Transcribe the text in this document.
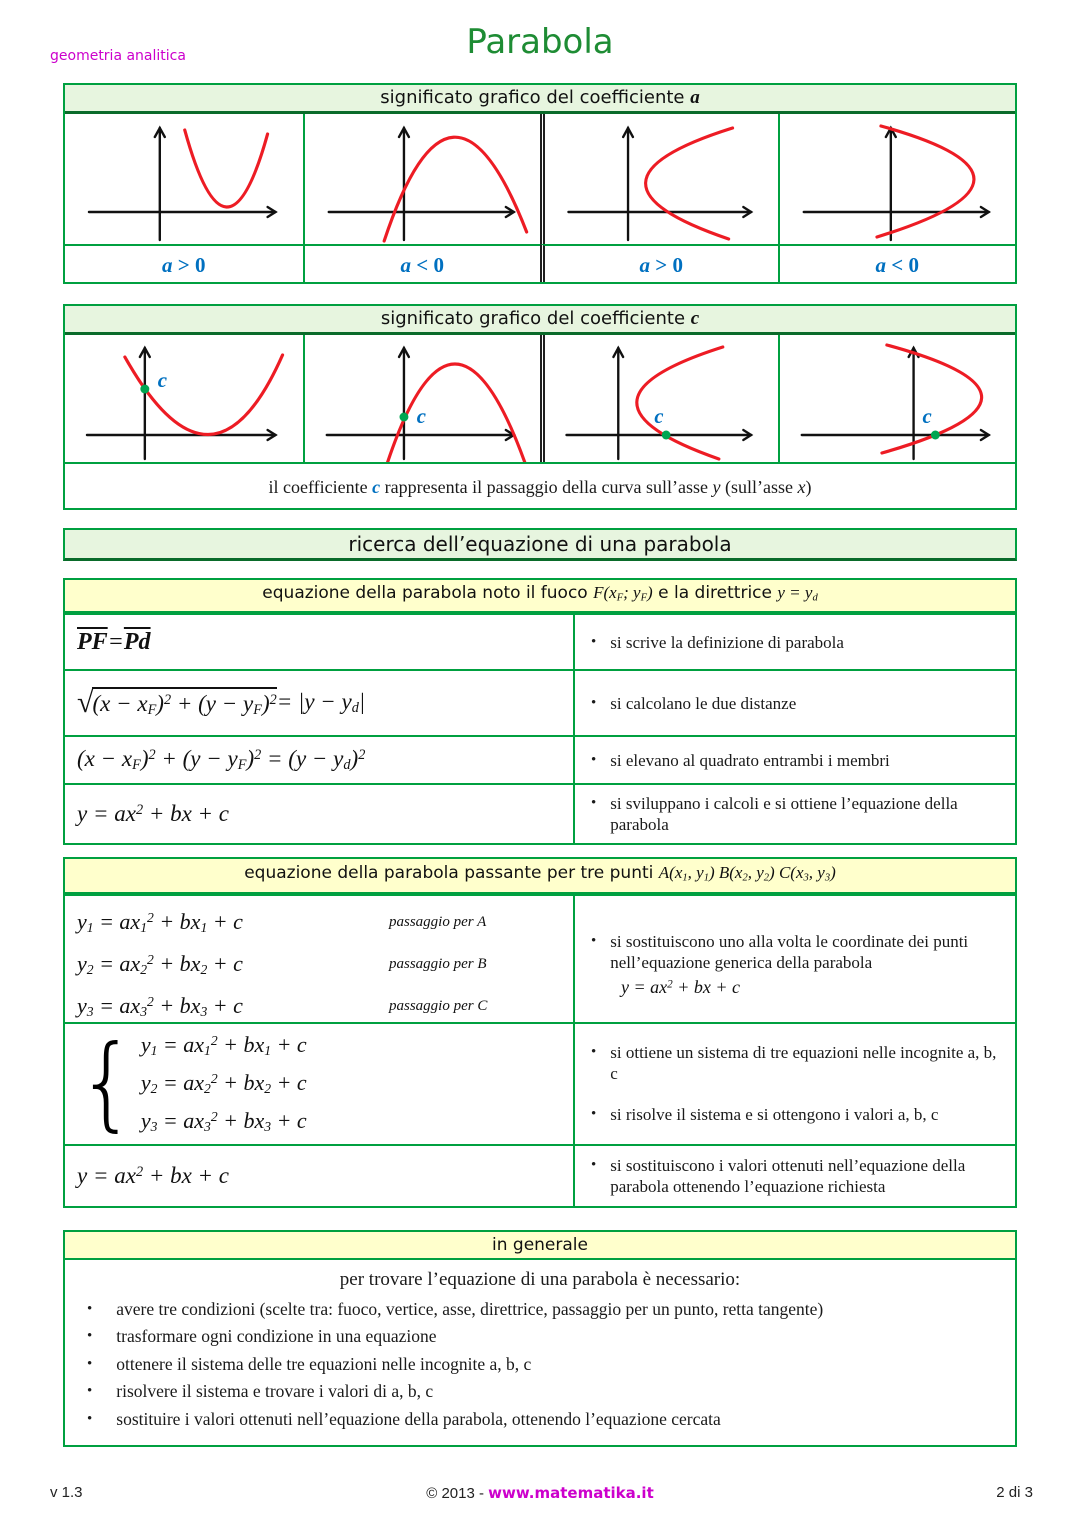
geometria analitica	Parabola
significato grafico del coefficiente a
a > 0	a < 0	a > 0	a < 0
significato grafico del coefficiente c
c
c	c	c
il coefficiente c rappresenta il passaggio della curva sull’asse y (sull’asse x)
ricerca dell’equazione di una parabola
equazione della parabola noto il fuoco $F(x_F$; $y_F$) e la direttrice $y = y_d$
$\overline{PF} = \overline{Pd}$	• si scrive la definizione di parabola
√ $(x - x_F)^2 + (y - y_F)^2 = |y - y_d|$	• si calcolano le due distanze
$(x - x_F)^2 + (y - y_F)^2 = (y - y_d)^2$	• si elevano al quadrato entrambi i membri
$y = ax^2$ + bx + c	• si sviluppano i calcoli e si ottiene l’equazione della parabola
equazione della parabola passante per tre punti $A(x_1$, $y_1$) $B(x_2$, $y_2$) $C(x_3$, $y_3$)
$y_1 = ax_1^2 + bx_1 + c$	passaggio per A
$y_2 = ax_2^2 + bx_2 + c$	passaggio per B
$y_3 = ax_3^2 + bx_3 + c$	passaggio per C
• si sostituiscono uno alla volta le coordinate dei punti nell’equazione generica della parabola
$y = ax^2$ + bx + c
{ $y_1 = ax_1^2 + bx_1 + c$
$y_2 = ax_2^2 + bx_2 + c$
$y_3 = ax_3^2 + bx_3 + c$
• si ottiene un sistema di tre equazioni nelle incognite a, b, c
• si risolve il sistema e si ottengono i valori a, b, c
$y = ax^2$ + bx + c	• si sostituiscono i valori ottenuti nell’equazione della parabola ottenendo l’equazione richiesta
in generale
per trovare l’equazione di una parabola è necessario:
• avere tre condizioni (scelte tra: fuoco, vertice, asse, direttrice, passaggio per un punto, retta tangente)
• trasformare ogni condizione in una equazione
• ottenere il sistema delle tre equazioni nelle incognite a, b, c
• risolvere il sistema e trovare i valori di a, b, c
• sostituire i valori ottenuti nell’equazione della parabola, ottenendo l’equazione cercata
v 1.3	© 2013 - www.matematika.it	2 di 3
